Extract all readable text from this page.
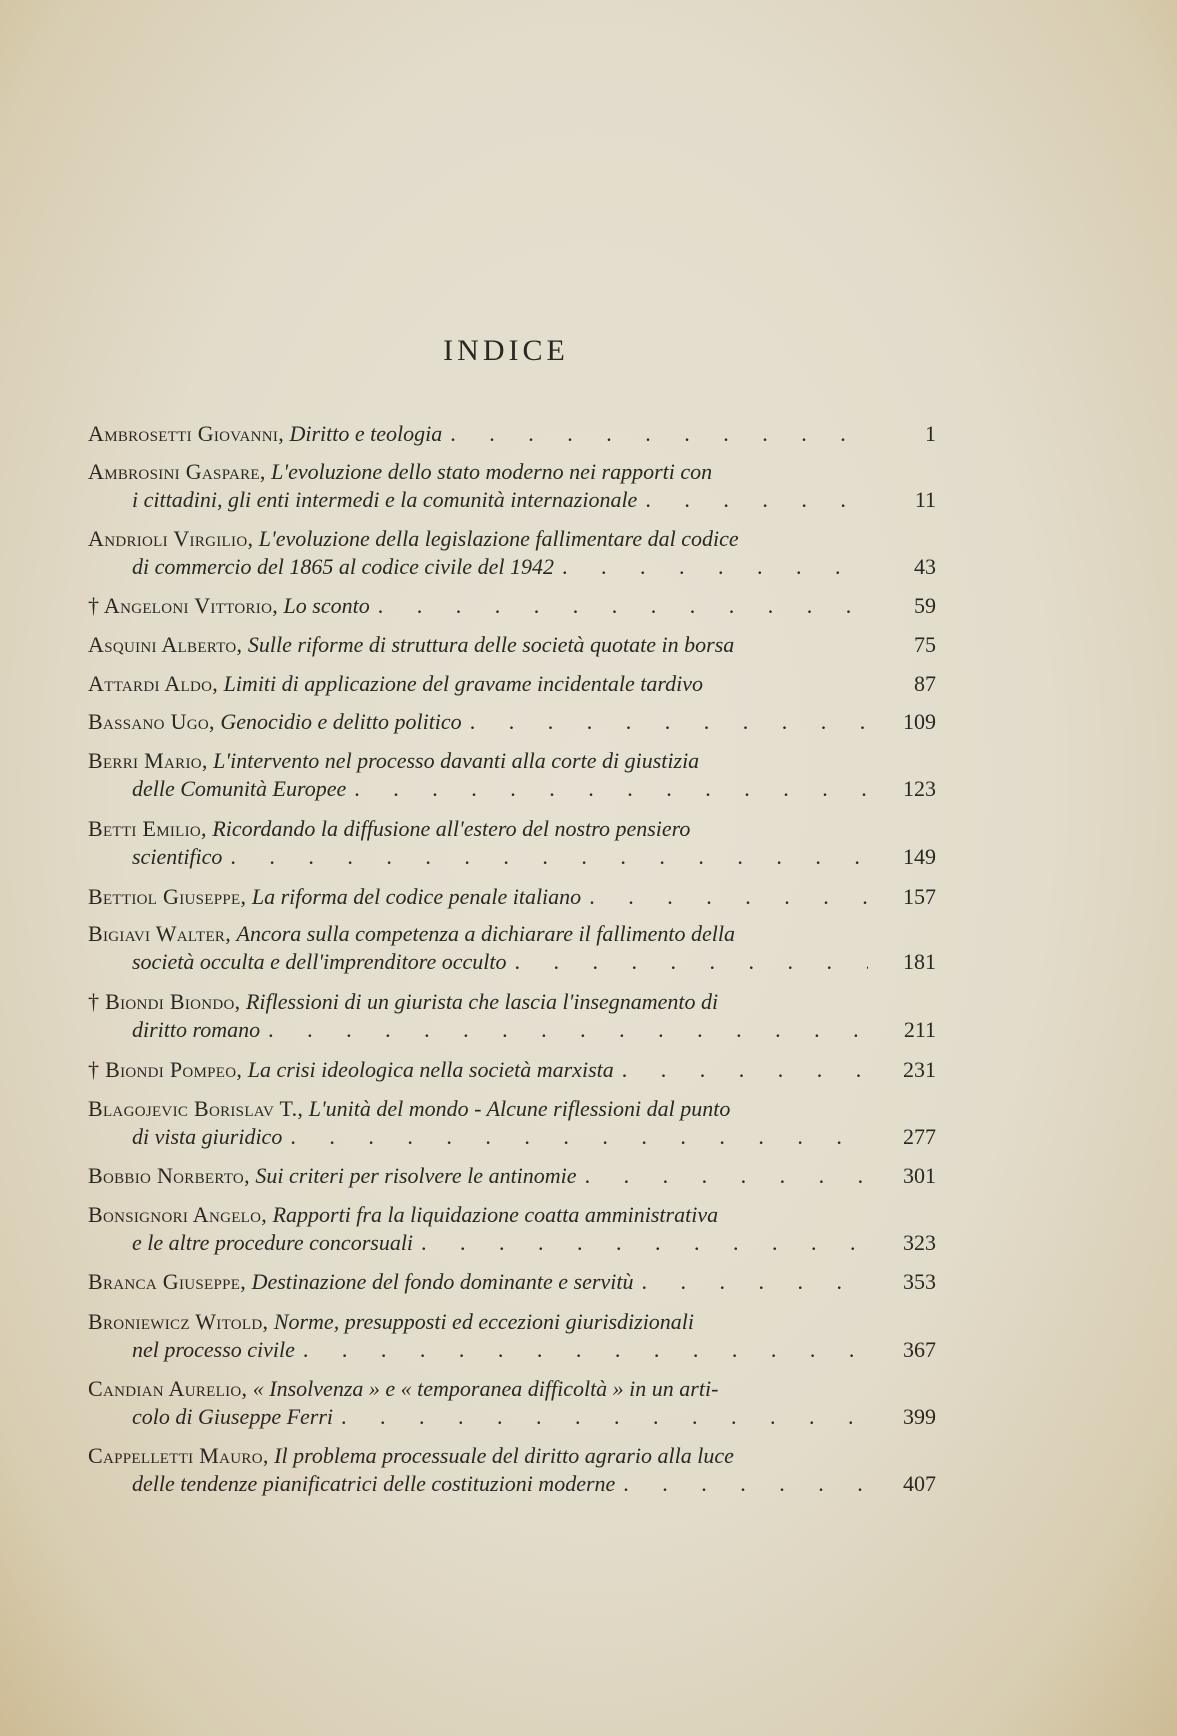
INDICE
Ambrosetti Giovanni,
Diritto e teologia . . .	1
Ambrosini Gaspare,
L'evoluzione dello stato moderno nei rapporti con
i cittadini, gli enti intermedi e la comunità internazionale . . .	11
Andrioli Virgilio,
L'evoluzione della legislazione fallimentare dal codice
di commercio del 1865 al codice civile del 1942 . . .	43
† Angeloni Vittorio,
Lo sconto . . .	59
Asquini Alberto,
Sulle riforme di struttura delle società quotate in borsa	75
Attardi Aldo,
Limiti di applicazione del gravame incidentale tardivo	87
Bassano Ugo,
Genocidio e delitto politico . . .	109
Berri Mario,
L'intervento nel processo davanti alla corte di giustizia
delle Comunità Europee . . .	123
Betti Emilio,
Ricordando la diffusione all'estero del nostro pensiero
scientifico . . .	149
Bettiol Giuseppe,
La riforma del codice penale italiano . . .	157
Bigiavi Walter,
Ancora sulla competenza a dichiarare il fallimento della
società occulta e dell'imprenditore occulto . . .	181
† Biondi Biondo,
Riflessioni di un giurista che lascia l'insegnamento di
diritto romano . . .	211
† Biondi Pompeo,
La crisi ideologica nella società marxista . . .	231
Blagojevic Borislav T.,
L'unità del mondo - Alcune riflessioni dal punto
di vista giuridico . . .	277
Bobbio Norberto,
Sui criteri per risolvere le antinomie . . .	301
Bonsignori Angelo,
Rapporti fra la liquidazione coatta amministrativa
e le altre procedure concorsuali . . .	323
Branca Giuseppe,
Destinazione del fondo dominante e servitù . . .	353
Broniewicz Witold,
Norme, presupposti ed eccezioni giurisdizionali
nel processo civile . . .	367
Candian Aurelio,
« Insolvenza » e « temporanea difficoltà » in un arti-
colo di Giuseppe Ferri . . .	399
Cappelletti Mauro,
Il problema processuale del diritto agrario alla luce
delle tendenze pianificatrici delle costituzioni moderne . . .	407
